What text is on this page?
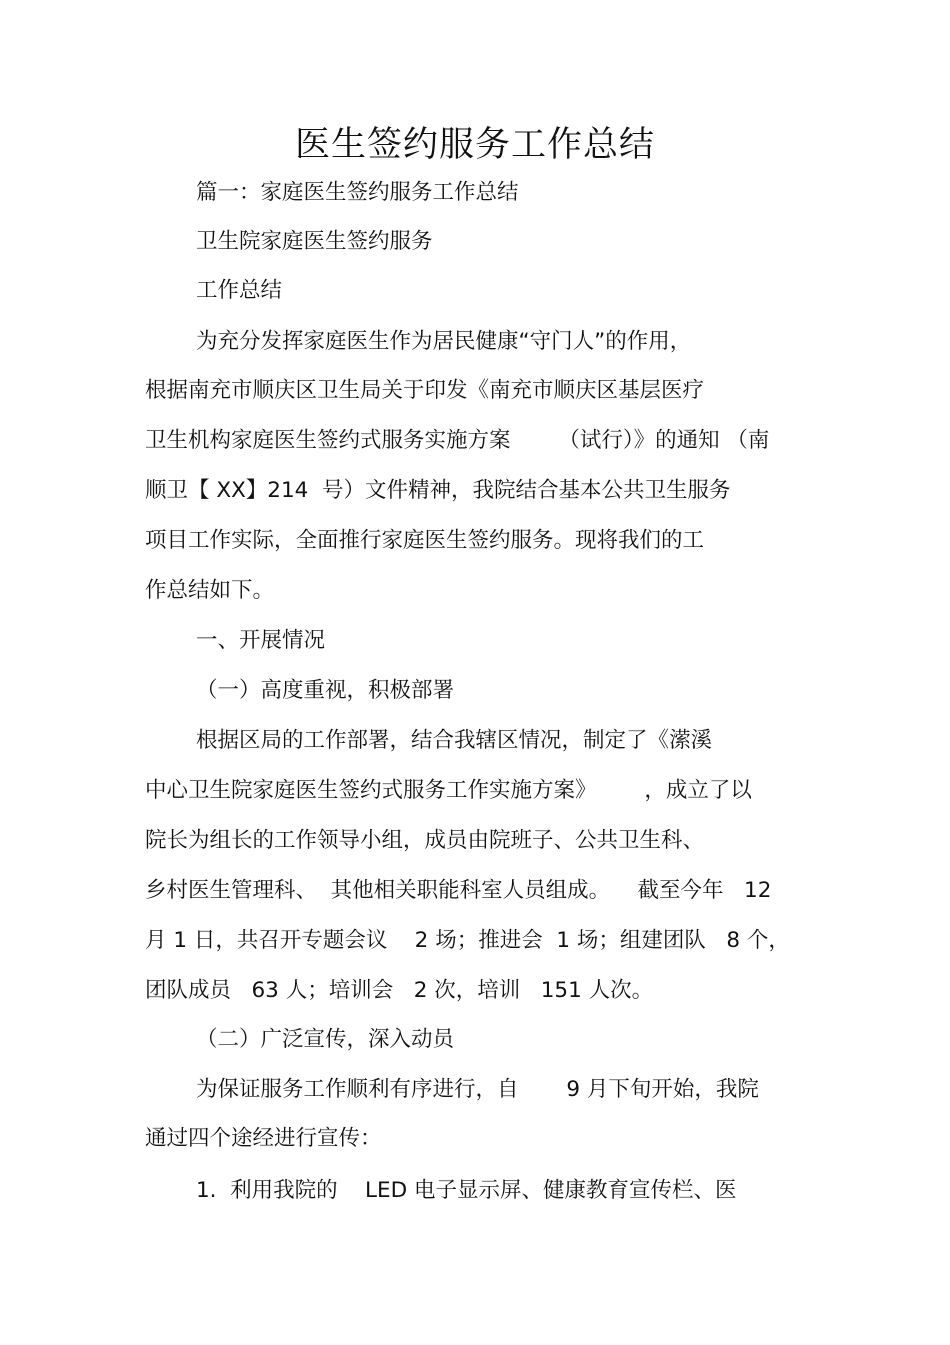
医生签约服务工作总结

篇一：家庭医生签约服务工作总结

卫生院家庭医生签约服务

工作总结

为充分发挥家庭医生作为居民健康“守门人”的作用，

根据南充市顺庆区卫生局关于印发《南充市顺庆区基层医疗

卫生机构家庭医生签约式服务实施方案       （试行）》的通知 （南

顺卫【 XX】214  号）文件精神，我院结合基本公共卫生服务

项目工作实际，全面推行家庭医生签约服务。现将我们的工

作总结如下。

一、开展情况

（一）高度重视，积极部署

根据区局的工作部署，结合我辖区情况，制定了《潆溪

中心卫生院家庭医生签约式服务工作实施方案》       ，成立了以

院长为组长的工作领导小组，成员由院班子、公共卫生科、

乡村医生管理科、  其他相关职能科室人员组成。    截至今年   12

月 1 日，共召开专题会议    2 场；推进会  1 场；组建团队   8 个，

团队成员   63 人；培训会   2 次，培训   151 人次。

（二）广泛宣传，深入动员

为保证服务工作顺利有序进行，自       9 月下旬开始，我院

通过四个途经进行宣传：

1.  利用我院的    LED 电子显示屏、健康教育宣传栏、医
